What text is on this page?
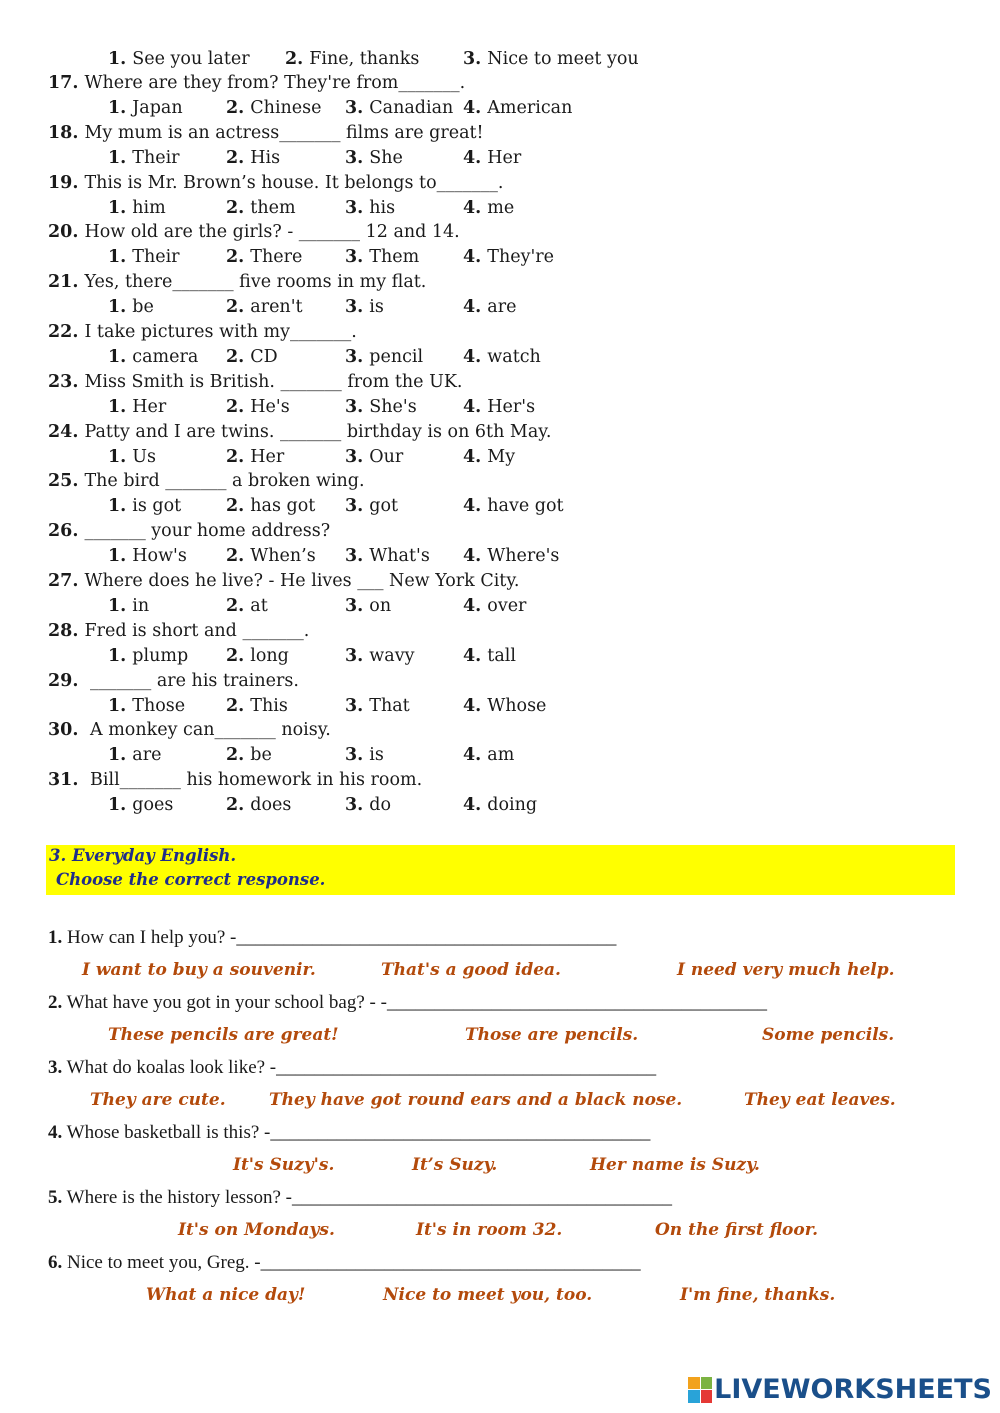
1. See you later 2. Fine, thanks 3. Nice to meet you
17. Where are they from? They're from_______.
1. Japan 2. Chinese 3. Canadian 4. American
18. My mum is an actress_______ films are great!
1. Their	2. His	3. She	4. Her
19. This is Mr. Brown’s house. It belongs to_______.
1. him	2. them	3. his	4. me
20. How old are the girls? - _______ 12 and 14.
1. Their	2. There 3. Them	4. They're
21. Yes, there_______ five rooms in my flat.
1. be	2. aren't 3. is	4. are
22. I take pictures with my_______.
1. camera 2. CD	3. pencil 4. watch
23. Miss Smith is British. _______ from the UK.
1. Her	2. He's	3. She's	4. Her's
24. Patty and I are twins. _______ birthday is on 6th May.
1. Us	2. Her	3. Our	4. My
25. The bird _______ a broken wing.
1. is got	2. has got 3. got	4. have got
26. _______ your home address?
1. How's 2. When’s 3. What's 4. Where's
27. Where does he live? - He lives ___ New York City.
1. in	2. at	3. on	4. over
28. Fred is short and _______.
1. plump 2. long	3. wavy	4. tall
29. _______ are his trainers.
1. Those 2. This	3. That	4. Whose
30. A monkey can_______ noisy.
1. are	2. be	3. is	4. am
31. Bill_______ his homework in his room.
1. goes	2. does	3. do	4. doing
3. Everyday English.
Choose the correct response.
1. How can I help you? -________________________________________
I want to buy a souvenir.	That's a good idea.	I need very much help.
2. What have you got in your school bag? - -________________________________________
These pencils are great!	Those are pencils.	Some pencils.
3. What do koalas look like? -________________________________________
They are cute.	They have got round ears and a black nose.	They eat leaves.
4. Whose basketball is this? -________________________________________
It's Suzy's.	It’s Suzy.	Her name is Suzy.
5. Where is the history lesson? -________________________________________
It's on Mondays.	It's in room 32.	On the first floor.
6. Nice to meet you, Greg. -________________________________________
What a nice day!	Nice to meet you, too.	I'm fine, thanks.
LIVEWORKSHEETS
